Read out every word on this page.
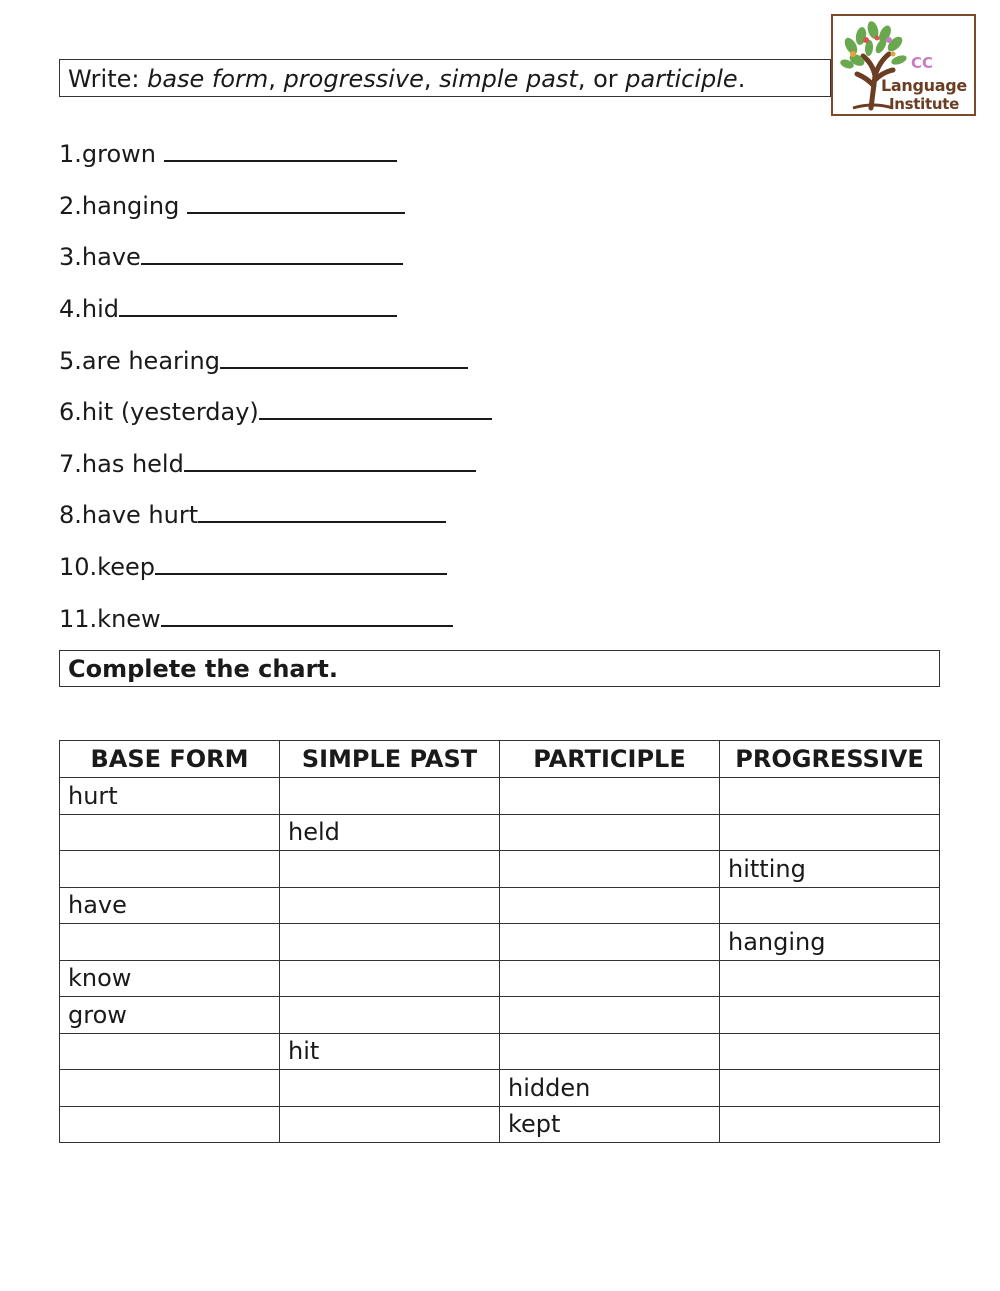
Write: base form, progressive, simple past, or participle.
CC
Language
Institute
1.grown
2.hanging
3.have
4.hid
5.are hearing
6.hit (yesterday)
7.has held
8.have hurt
10.keep
11.knew
Complete the chart.
BASE FORM	SIMPLE PAST	PARTICIPLE	PROGRESSIVE
hurt			
	held		
			hitting
have			
			hanging
know			
grow			
	hit		
		hidden	
		kept	
